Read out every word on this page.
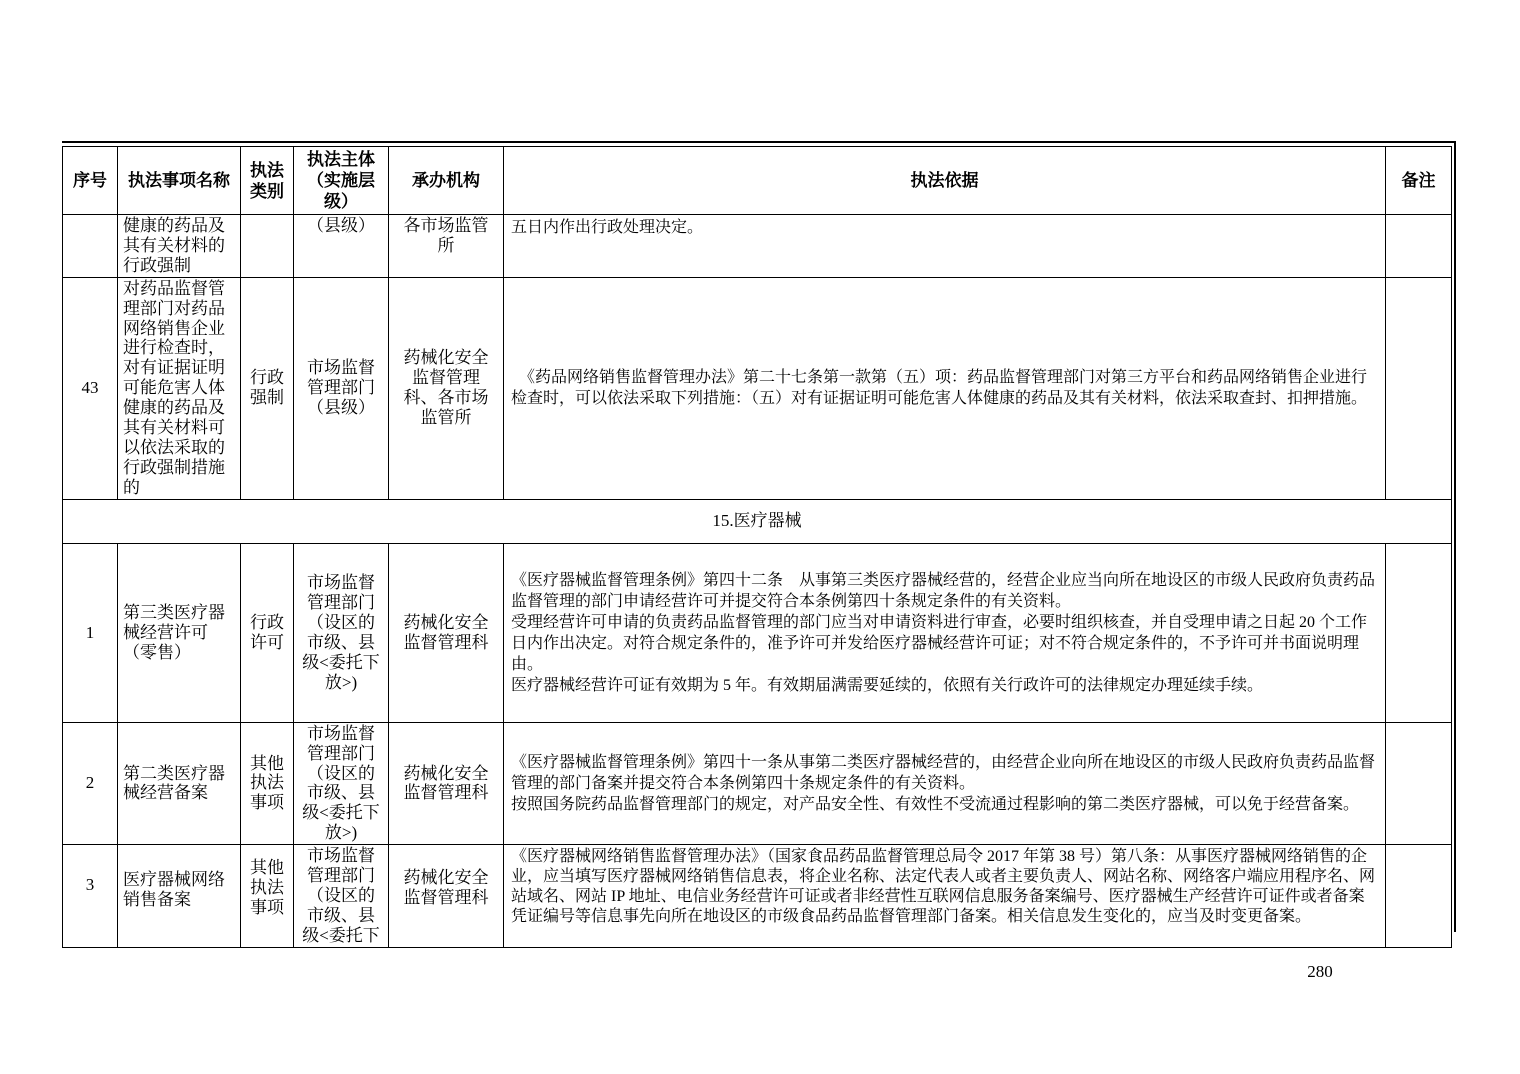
序号	执法事项名称	执法类别	执法主体（实施层级）	承办机构	执法依据	备注
	健康的药品及其有关材料的行政强制		（县级）	各市场监管所	五日内作出行政处理决定。	

43	对药品监督管理部门对药品网络销售企业进行检查时，对有证据证明可能危害人体健康的药品及其有关材料可以依法采取的行政强制措施的	行政强制	市场监督管理部门（县级）	药械化安全监督管理科、各市场监管所	　《药品网络销售监督管理办法》第二十七条第一款第（五）项：药品监督管理部门对第三方平台和药品网络销售企业进行检查时，可以依法采取下列措施：（五）对有证据证明可能危害人体健康的药品及其有关材料，依法采取查封、扣押措施。	

15.医疗器械						
1	第三类医疗器械经营许可（零售）	行政许可	市场监督管理部门（设区的市级、县级<委托下放>)	药械化安全监督管理科	《医疗器械监督管理条例》第四十二条　从事第三类医疗器械经营的，经营企业应当向所在地设区的市级人民政府负责药品监督管理的部门申请经营许可并提交符合本条例第四十条规定条件的有关资料。

受理经营许可申请的负责药品监督管理的部门应当对申请资料进行审查，必要时组织核查，并自受理申请之日起 20 个工作日内作出决定。对符合规定条件的，准予许可并发给医疗器械经营许可证；对不符合规定条件的，不予许可并书面说明理由。

医疗器械经营许可证有效期为 5 年。有效期届满需要延续的，依照有关行政许可的法律规定办理延续手续。	

2	第二类医疗器械经营备案	其他执法事项	市场监督管理部门（设区的市级、县级<委托下放>)	药械化安全监督管理科	《医疗器械监督管理条例》第四十一条从事第二类医疗器械经营的，由经营企业向所在地设区的市级人民政府负责药品监督管理的部门备案并提交符合本条例第四十条规定条件的有关资料。

按照国务院药品监督管理部门的规定，对产品安全性、有效性不受流通过程影响的第二类医疗器械，可以免于经营备案。	

3	医疗器械网络销售备案	其他执法事项	市场监督管理部门（设区的市级、县级<委托下	药械化安全监督管理科	《医疗器械网络销售监督管理办法》（国家食品药品监督管理总局令 2017 年第 38 号）第八条：从事医疗器械网络销售的企业，应当填写医疗器械网络销售信息表，将企业名称、法定代表人或者主要负责人、网站名称、网络客户端应用程序名、网站域名、网站 IP 地址、电信业务经营许可证或者非经营性互联网信息服务备案编号、医疗器械生产经营许可证件或者备案凭证编号等信息事先向所在地设区的市级食品药品监督管理部门备案。相关信息发生变化的，应当及时变更备案。	

280
